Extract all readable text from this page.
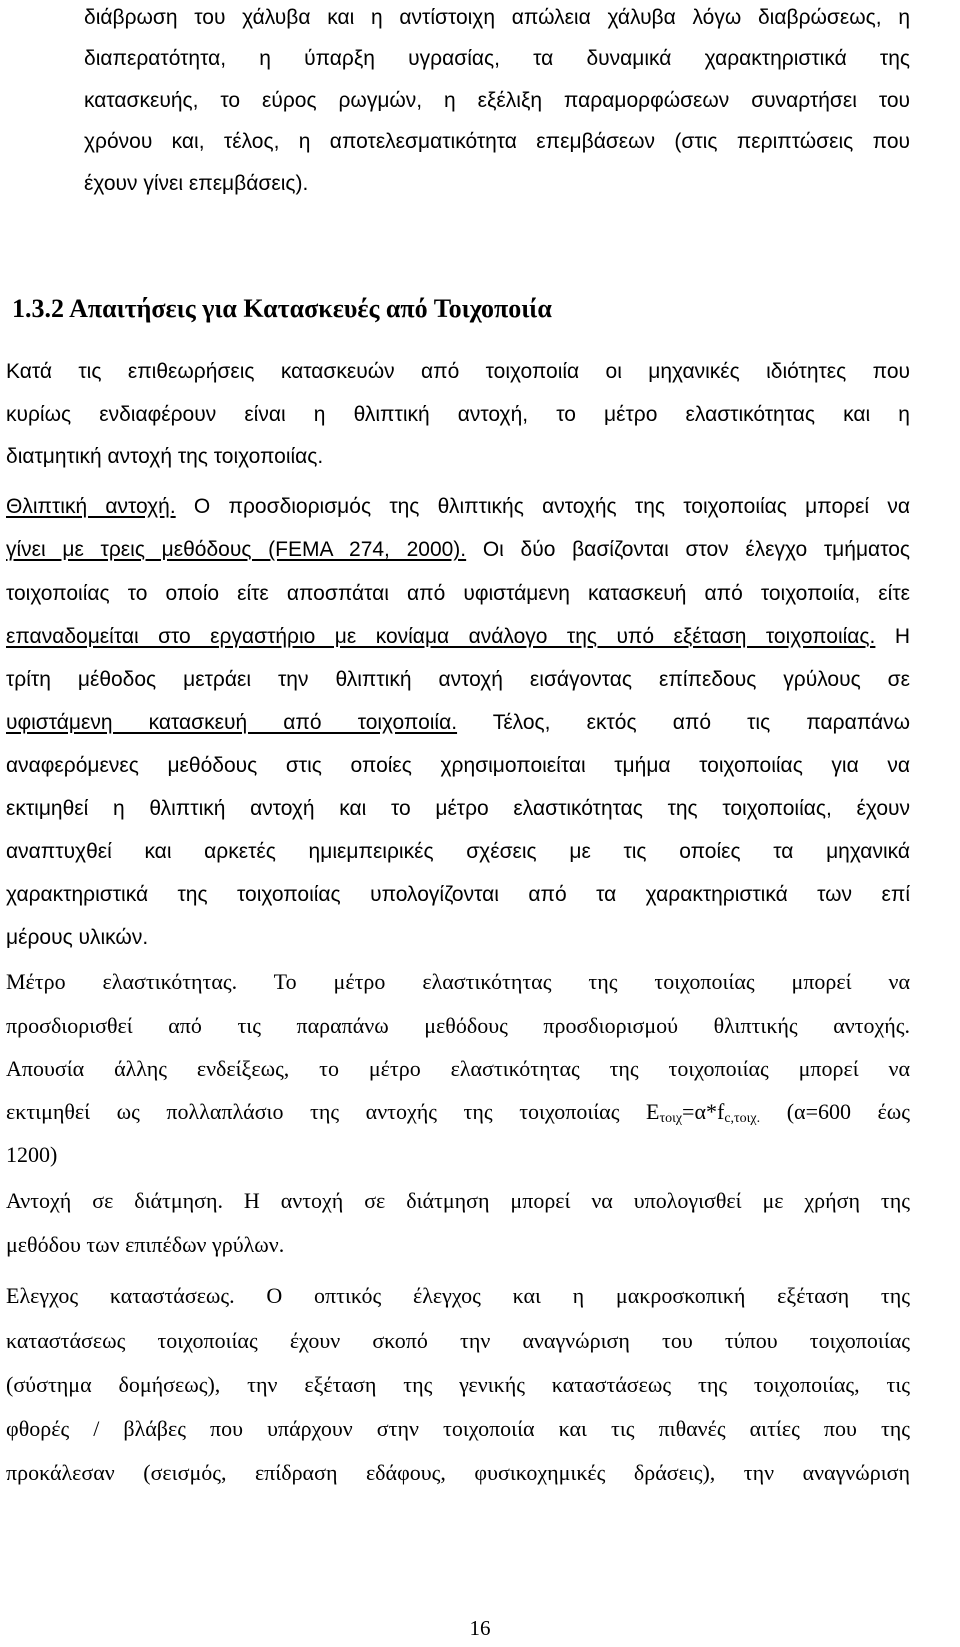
διάβρωση του χάλυβα και η αντίστοιχη απώλεια χάλυβα λόγω διαβρώσεως, η

διαπερατότητα, η ύπαρξη υγρασίας, τα δυναμικά χαρακτηριστικά της

κατασκευής, το εύρος ρωγμών, η εξέλιξη παραμορφώσεων συναρτήσει του

χρόνου και, τέλος, η αποτελεσματικότητα επεμβάσεων (στις περιπτώσεις που

έχουν γίνει επεμβάσεις).

1.3.2 Απαιτήσεις για Κατασκευές από Τοιχοποιία

Κατά τις επιθεωρήσεις κατασκευών από τοιχοποιία οι μηχανικές ιδιότητες που

κυρίως ενδιαφέρουν είναι η θλιπτική αντοχή, το μέτρο ελαστικότητας και η

διατμητική αντοχή της τοιχοποιίας.

Θλιπτική αντοχή. Ο προσδιορισμός της θλιπτικής αντοχής της τοιχοποιίας μπορεί να

γίνει με τρεις μεθόδους (FEMA 274, 2000). Οι δύο βασίζονται στον έλεγχο τμήματος

τοιχοποιίας το οποίο είτε αποσπάται από υφιστάμενη κατασκευή από τοιχοποιία, είτε

επαναδομείται στο εργαστήριο με κονίαμα ανάλογο της υπό εξέταση τοιχοποιίας. Η

τρίτη μέθοδος μετράει την θλιπτική αντοχή εισάγοντας επίπεδους γρύλους σε

υφιστάμενη κατασκευή από τοιχοποιία. Τέλος, εκτός από τις παραπάνω

αναφερόμενες μεθόδους στις οποίες χρησιμοποιείται τμήμα τοιχοποιίας για να

εκτιμηθεί η θλιπτική αντοχή και το μέτρο ελαστικότητας της τοιχοποιίας, έχουν

αναπτυχθεί και αρκετές ημιεμπειρικές σχέσεις με τις οποίες τα μηχανικά

χαρακτηριστικά της τοιχοποιίας υπολογίζονται από τα χαρακτηριστικά των επί

μέρους υλικών.

Μέτρο ελαστικότητας. Το μέτρο ελαστικότητας της τοιχοποιίας μπορεί να

προσδιορισθεί από τις παραπάνω μεθόδους προσδιορισμού θλιπτικής αντοχής.

Απουσία άλλης ενδείξεως, το μέτρο ελαστικότητας της τοιχοποιίας μπορεί να

εκτιμηθεί ως πολλαπλάσιο της αντοχής της τοιχοποιίας $E_{\tau o\iota\chi}=\alpha*f_{c,\tau o\iota\chi.}$ (α=600 έως

1200)

Αντοχή σε διάτμηση. Η αντοχή σε διάτμηση μπορεί να υπολογισθεί με χρήση της

μεθόδου των επιπέδων γρύλων.

Ελεγχος καταστάσεως. Ο οπτικός έλεγχος και η μακροσκοπική εξέταση της

καταστάσεως τοιχοποιίας έχουν σκοπό την αναγνώριση του τύπου τοιχοποιίας

(σύστημα δομήσεως), την εξέταση της γενικής καταστάσεως της τοιχοποιίας, τις

φθορές / βλάβες που υπάρχουν στην τοιχοποιία και τις πιθανές αιτίες που της

προκάλεσαν (σεισμός, επίδραση εδάφους, φυσικοχημικές δράσεις), την αναγνώριση

16
